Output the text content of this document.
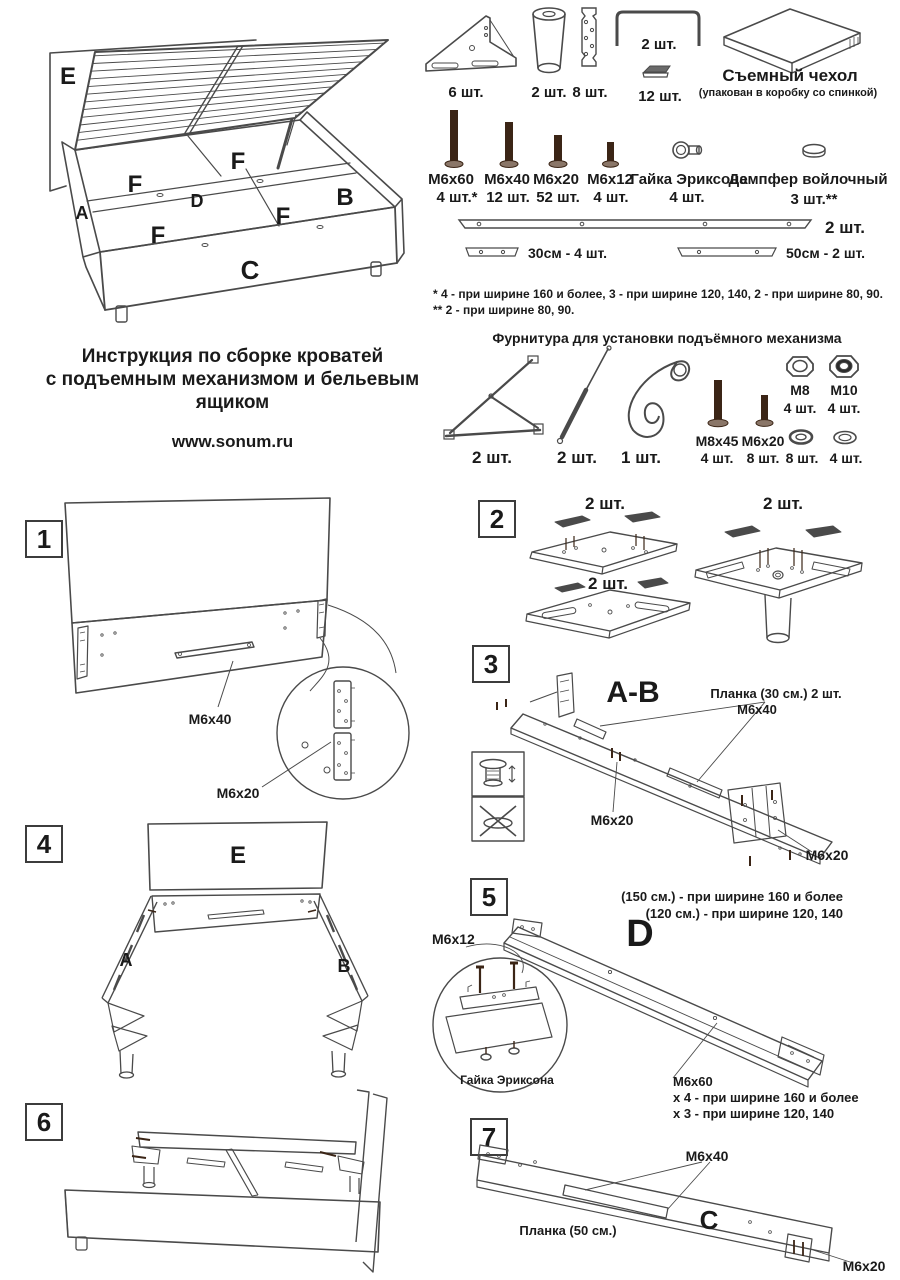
E
F
F
B
A
D
F
F
C
6 шт.	2 шт. 8 шт.
2 шт.
12 шт.
Съемный чехол
(упакован в коробку со спинкой)
М6х60
4 шт.*
М6х40
12 шт.
М6х20
52 шт.
М6х12
4 шт.
Гайка Эриксона
4 шт.
Демпфер войлочный
3 шт.**
2 шт.
30см - 4 шт.	50см - 2 шт.
* 4 - при ширине 160 и более, 3 - при ширине 120, 140, 2 - при ширине 80, 90.
** 2 - при ширине 80, 90.
Инструкция по сборке кроватей
с подъемным механизмом и бельевым ящиком
www.sonum.ru
Фурнитура для установки подъёмного механизма
2 шт.	2 шт. 1 шт.
М8х45
4 шт.
М6х20
8 шт.
М8
4 шт.
М10
4 шт.
8 шт. 4 шт.
1
М6х40
М6х20
2	2 шт.	2 шт.
2 шт.
3
А-В	Планка (30 см.) 2 шт.
М6х40
М6х20
М6х20
4	E
A	B
5	(150 см.) - при ширине 160 и более
(120 см.) - при ширине 120, 140
М6х12	D
Гайка Эриксона	М6х60
х 4 - при ширине 160 и более
х 3 - при ширине 120, 140
6	7
М6х40
Планка (50 см.)	С
М6х20
